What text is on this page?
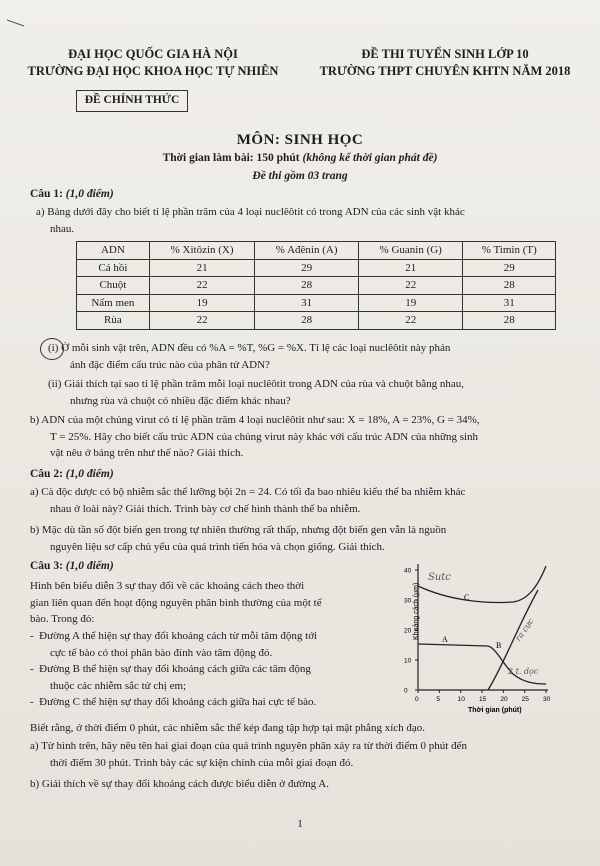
ĐẠI HỌC QUỐC GIA HÀ NỘI
TRƯỜNG ĐẠI HỌC KHOA HỌC TỰ NHIÊN
ĐỀ THI TUYỂN SINH LỚP 10
TRƯỜNG THPT CHUYÊN KHTN NĂM 2018
ĐỀ CHÍNH THỨC
MÔN: SINH HỌC
Thời gian làm bài: 150 phút (không kể thời gian phát đề)
Đề thi gồm 03 trang
Câu 1: (1,0 điểm)
a) Bảng dưới đây cho biết tỉ lệ phần trăm của 4 loại nuclêôtit có trong ADN của các sinh vật khác
nhau.
ADN	% Xitôzin (X)	% Ađênin (A)	% Guanin (G)	% Timin (T)
Cá hồi	21	29	21	29
Chuột	22	28	22	28
Nấm men	19	31	19	31
Rùa	22	28	22	28
(i) Ở mỗi sinh vật trên, ADN đều có %A = %T, %G = %X. Tỉ lệ các loại nuclêôtit này phản
ánh đặc điểm cấu trúc nào của phân tử ADN?
(ii) Giải thích tại sao tỉ lệ phần trăm mỗi loại nuclêôtit trong ADN của rùa và chuột bằng nhau,
nhưng rùa và chuột có nhiều đặc điểm khác nhau?
b) ADN của một chủng virut có tỉ lệ phần trăm 4 loại nuclêôtit như sau: X = 18%, A = 23%, G = 34%,
T = 25%. Hãy cho biết cấu trúc ADN của chủng virut này khác với cấu trúc ADN của những sinh
vật nêu ở bảng trên như thế nào? Giải thích.
Câu 2: (1,0 điểm)
a) Cà độc dược có bộ nhiễm sắc thể lưỡng bội 2n = 24. Có tối đa bao nhiêu kiểu thể ba nhiễm khác
nhau ở loài này? Giải thích. Trình bày cơ chế hình thành thể ba nhiễm.
b) Mặc dù tần số đột biến gen trong tự nhiên thường rất thấp, nhưng đột biến gen vẫn là nguồn
nguyên liệu sơ cấp chủ yếu của quá trình tiến hóa và chọn giống. Giải thích.
Câu 3: (1,0 điểm)
Hình bên biểu diễn 3 sự thay đổi về các khoảng cách theo thời
gian liên quan đến hoạt động nguyên phân bình thường của một tế
bào. Trong đó:
-  Đường A thể hiện sự thay đổi khoảng cách từ mỗi tâm động tới
cực tế bào có thoi phân bào đính vào tâm động đó.
-  Đường B thể hiện sự thay đổi khoảng cách giữa các tâm động
thuộc các nhiễm sắc tử chị em;
-  Đường C thể hiện sự thay đổi khoảng cách giữa hai cực tế bào.
Biết rằng, ở thời điểm 0 phút, các nhiễm sắc thể kép đang tập hợp tại mặt phẳng xích đạo.
a) Từ hình trên, hãy nêu tên hai giai đoạn của quá trình nguyên phân xảy ra từ thời điểm 0 phút đến
thời điểm 30 phút. Trình bày các sự kiện chính của mỗi giai đoạn đó.
b) Giải thích về sự thay đổi khoảng cách được biểu diễn ở đường A.
0
10
20
30
40
0	5	10 15 20 25 30
Khoảng cách (µm)
Thời gian (phút)
C
A
B
Sutc
ra cực
2 t. dọc
1
